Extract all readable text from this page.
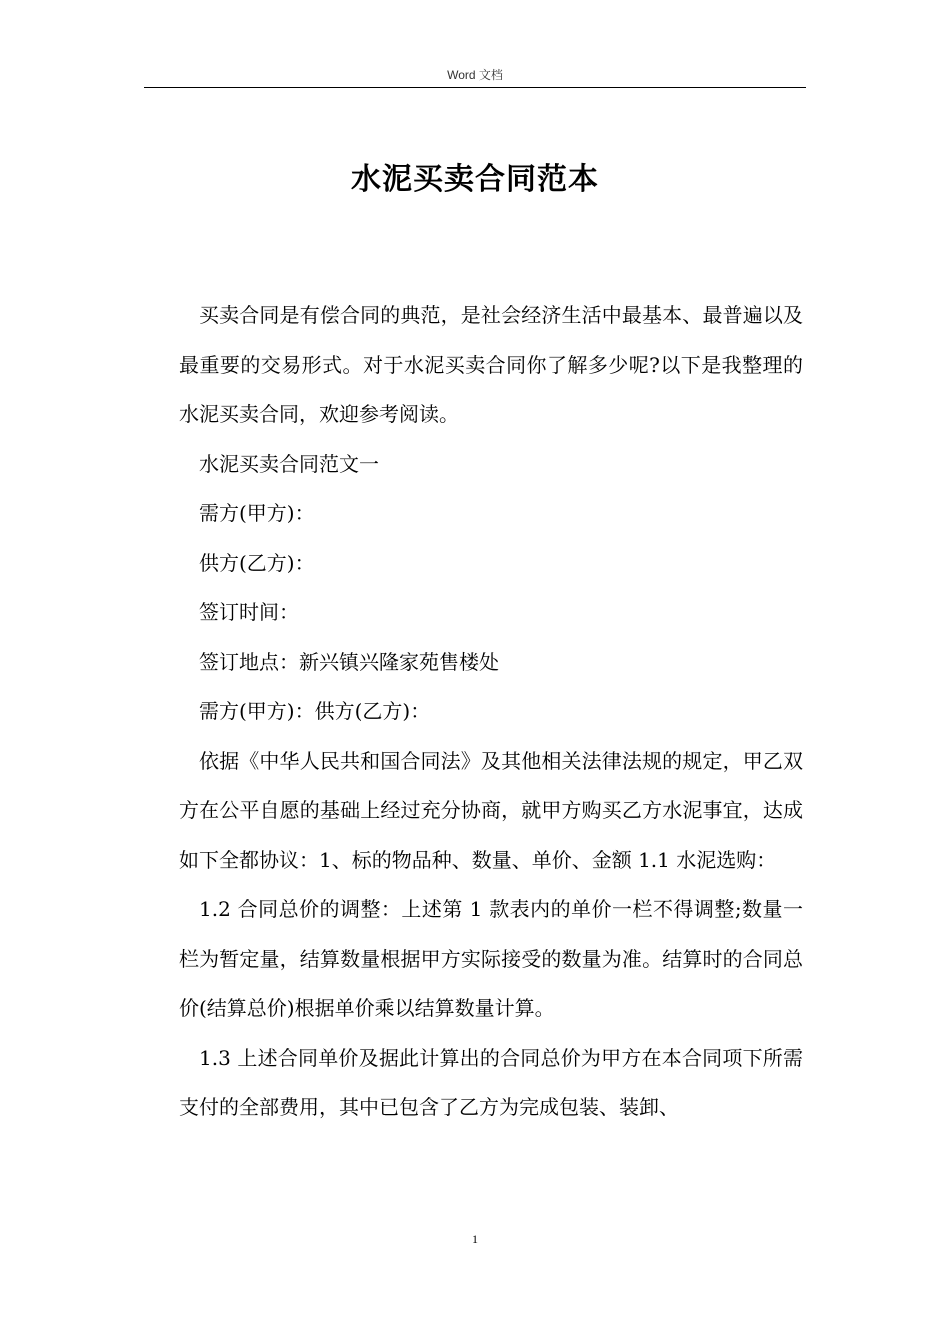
Word 文档
水泥买卖合同范本

买卖合同是有偿合同的典范，是社会经济生活中最基本、最普遍以及最重要的交易形式。对于水泥买卖合同你了解多少呢?以下是我整理的水泥买卖合同，欢迎参考阅读。

水泥买卖合同范文一

需方(甲方)：

供方(乙方)：

签订时间：

签订地点：新兴镇兴隆家苑售楼处

需方(甲方)：供方(乙方)：

依据《中华人民共和国合同法》及其他相关法律法规的规定，甲乙双方在公平自愿的基础上经过充分协商，就甲方购买乙方水泥事宜，达成如下全都协议：1、标的物品种、数量、单价、金额 1.1 水泥选购：

1.2 合同总价的调整：上述第 1 款表内的单价一栏不得调整;数量一栏为暂定量，结算数量根据甲方实际接受的数量为准。结算时的合同总价(结算总价)根据单价乘以结算数量计算。

1.3 上述合同单价及据此计算出的合同总价为甲方在本合同项下所需支付的全部费用，其中已包含了乙方为完成包装、装卸、

1
